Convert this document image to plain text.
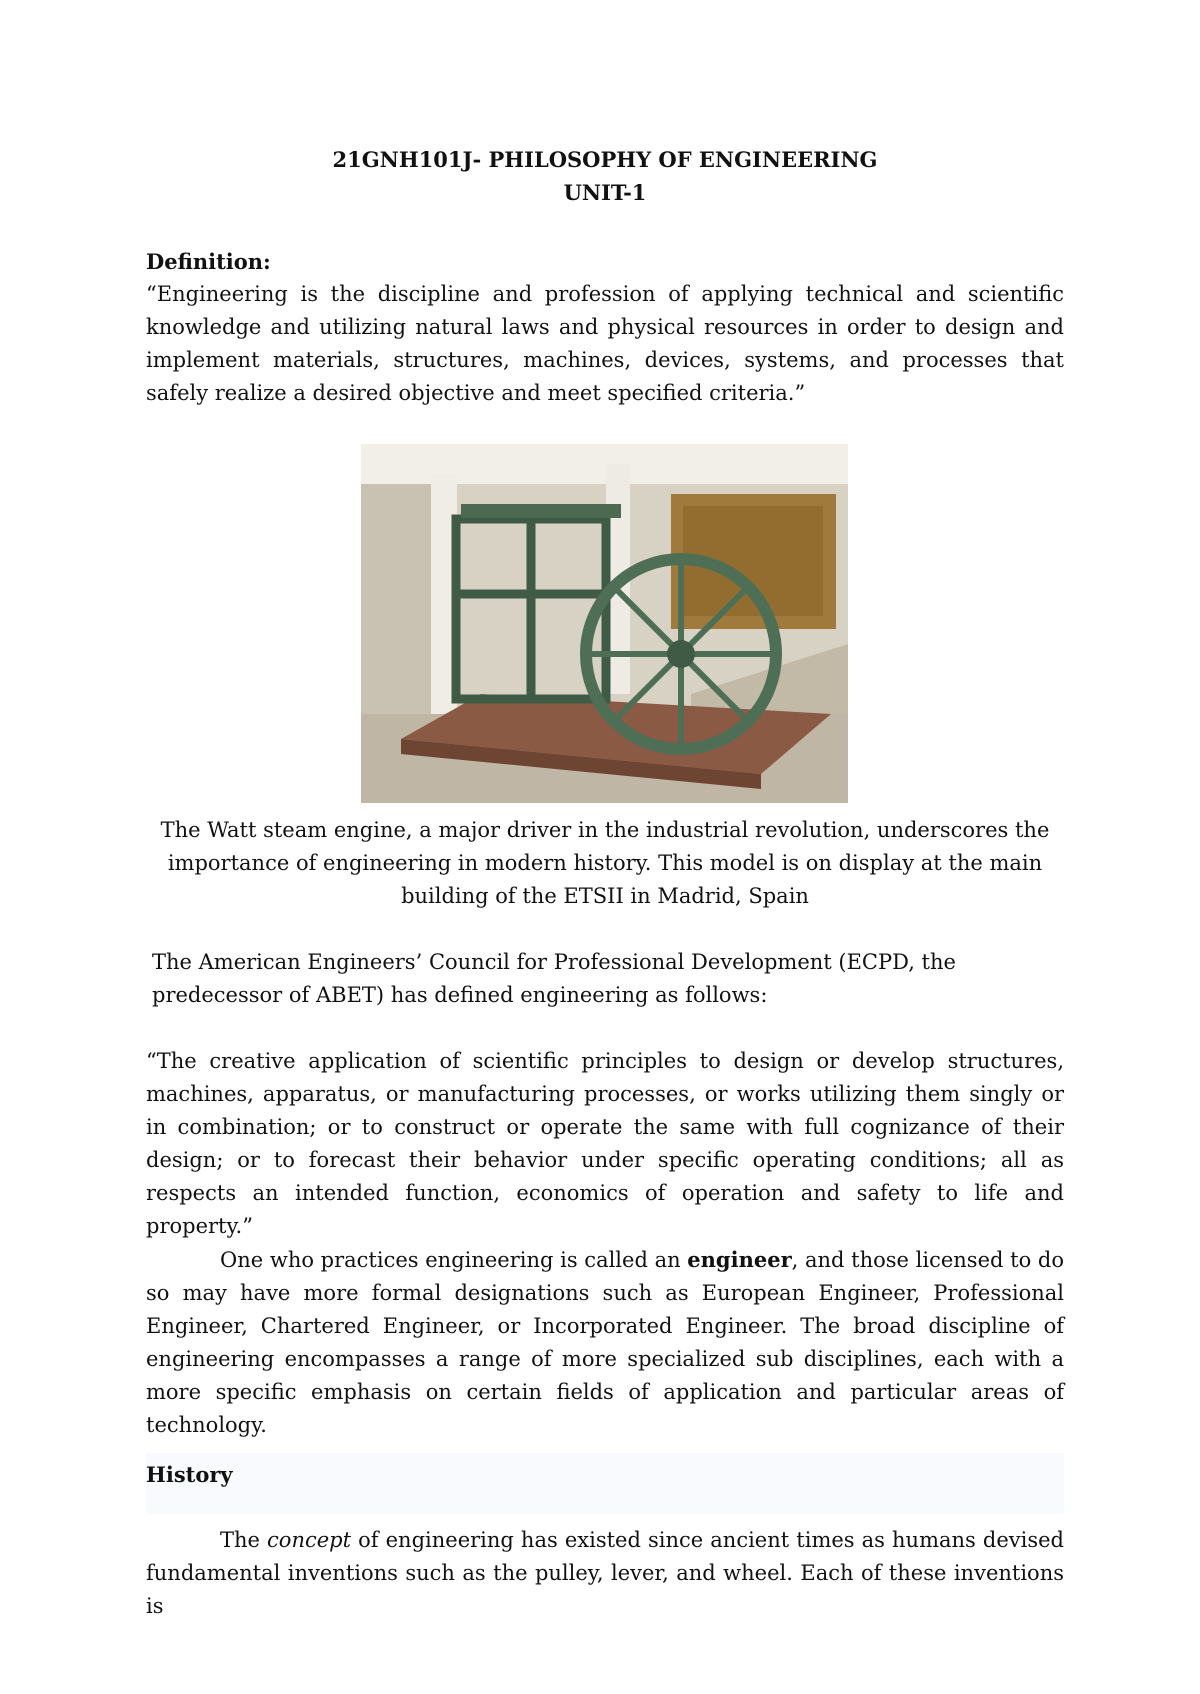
21GNH101J- PHILOSOPHY OF ENGINEERING
UNIT-1
Definition:
“Engineering is the discipline and profession of applying technical and scientific knowledge and utilizing natural laws and physical resources in order to design and implement materials, structures, machines, devices, systems, and processes that safely realize a desired objective and meet specified criteria.”
The Watt steam engine, a major driver in the industrial revolution, underscores the importance of engineering in modern history. This model is on display at the main building of the ETSII in Madrid, Spain
The American Engineers’ Council for Professional Development (ECPD, the predecessor of ABET) has defined engineering as follows:
“The creative application of scientific principles to design or develop structures, machines, apparatus, or manufacturing processes, or works utilizing them singly or in combination; or to construct or operate the same with full cognizance of their design; or to forecast their behavior under specific operating conditions; all as respects an intended function, economics of operation and safety to life and property.”
One who practices engineering is called an engineer, and those licensed to do so may have more formal designations such as European Engineer, Professional Engineer, Chartered Engineer, or Incorporated Engineer. The broad discipline of engineering encompasses a range of more specialized sub disciplines, each with a more specific emphasis on certain fields of application and particular areas of technology.
History
The concept of engineering has existed since ancient times as humans devised fundamental inventions such as the pulley, lever, and wheel. Each of these inventions is
